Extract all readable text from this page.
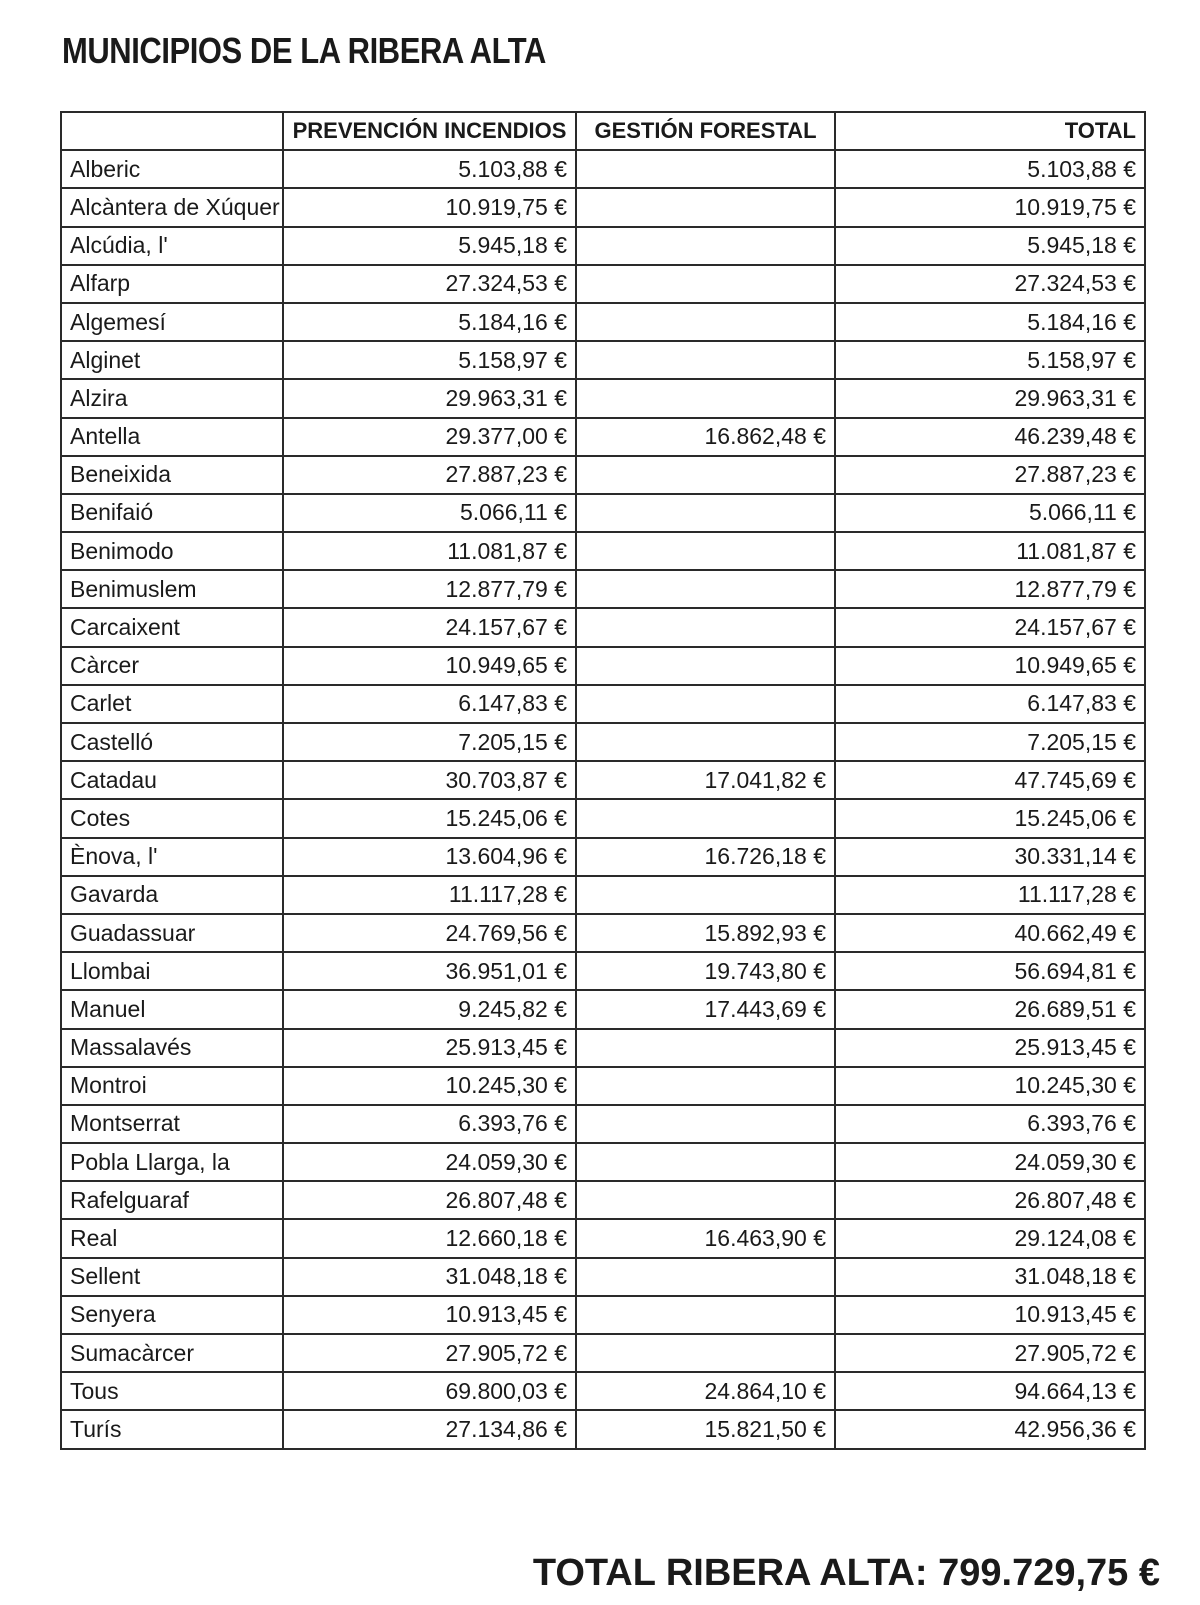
MUNICIPIOS DE LA RIBERA ALTA
	PREVENCIÓN INCENDIOS	GESTIÓN FORESTAL	TOTAL
Alberic	5.103,88 €		5.103,88 €
Alcàntera de Xúquer	10.919,75 €		10.919,75 €
Alcúdia, l'	5.945,18 €		5.945,18 €
Alfarp	27.324,53 €		27.324,53 €
Algemesí	5.184,16 €		5.184,16 €
Alginet	5.158,97 €		5.158,97 €
Alzira	29.963,31 €		29.963,31 €
Antella	29.377,00 €	16.862,48 €	46.239,48 €
Beneixida	27.887,23 €		27.887,23 €
Benifaió	5.066,11 €		5.066,11 €
Benimodo	11.081,87 €		11.081,87 €
Benimuslem	12.877,79 €		12.877,79 €
Carcaixent	24.157,67 €		24.157,67 €
Càrcer	10.949,65 €		10.949,65 €
Carlet	6.147,83 €		6.147,83 €
Castelló	7.205,15 €		7.205,15 €
Catadau	30.703,87 €	17.041,82 €	47.745,69 €
Cotes	15.245,06 €		15.245,06 €
Ènova, l'	13.604,96 €	16.726,18 €	30.331,14 €
Gavarda	11.117,28 €		11.117,28 €
Guadassuar	24.769,56 €	15.892,93 €	40.662,49 €
Llombai	36.951,01 €	19.743,80 €	56.694,81 €
Manuel	9.245,82 €	17.443,69 €	26.689,51 €
Massalavés	25.913,45 €		25.913,45 €
Montroi	10.245,30 €		10.245,30 €
Montserrat	6.393,76 €		6.393,76 €
Pobla Llarga, la	24.059,30 €		24.059,30 €
Rafelguaraf	26.807,48 €		26.807,48 €
Real	12.660,18 €	16.463,90 €	29.124,08 €
Sellent	31.048,18 €		31.048,18 €
Senyera	10.913,45 €		10.913,45 €
Sumacàrcer	27.905,72 €		27.905,72 €
Tous	69.800,03 €	24.864,10 €	94.664,13 €
Turís	27.134,86 €	15.821,50 €	42.956,36 €
TOTAL RIBERA ALTA: 799.729,75 €
